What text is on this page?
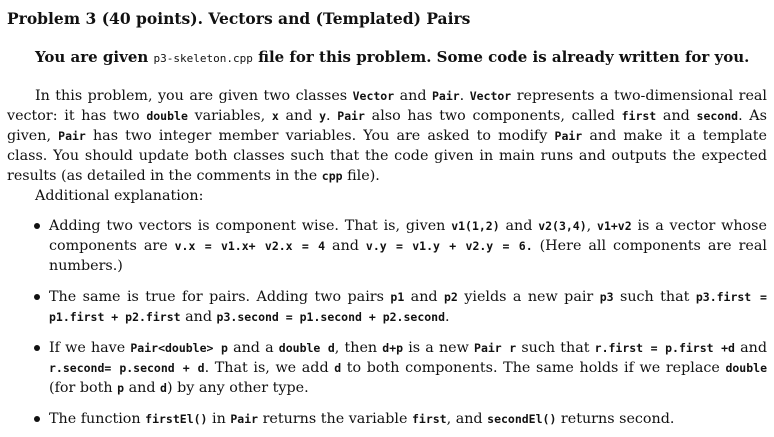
Problem 3 (40 points). Vectors and (Templated) Pairs

You are given p3-skeleton.cpp file for this problem. Some code is already written for you.

In this problem, you are given two classes Vector and Pair. Vector represents a two-dimensional real vector: it has two double variables, x and y. Pair also has two components, called first and second. As given, Pair has two integer member variables. You are asked to modify Pair and make it a template class. You should update both classes such that the code given in main runs and outputs the expected results (as detailed in the comments in the cpp file).

Additional explanation:
Adding two vectors is component wise. That is, given v1(1,2) and v2(3,4), v1+v2 is a vector whose components are v.x = v1.x+ v2.x = 4 and v.y = v1.y + v2.y = 6. (Here all components are real numbers.)
The same is true for pairs. Adding two pairs p1 and p2 yields a new pair p3 such that p3.first = p1.first + p2.first and p3.second = p1.second + p2.second.
If we have Pair<double> p and a double d, then d+p is a new Pair r such that r.first = p.first +d and r.second= p.second + d. That is, we add d to both components. The same holds if we replace double (for both p and d) by any other type.
The function firstEl() in Pair returns the variable first, and secondEl() returns second.
